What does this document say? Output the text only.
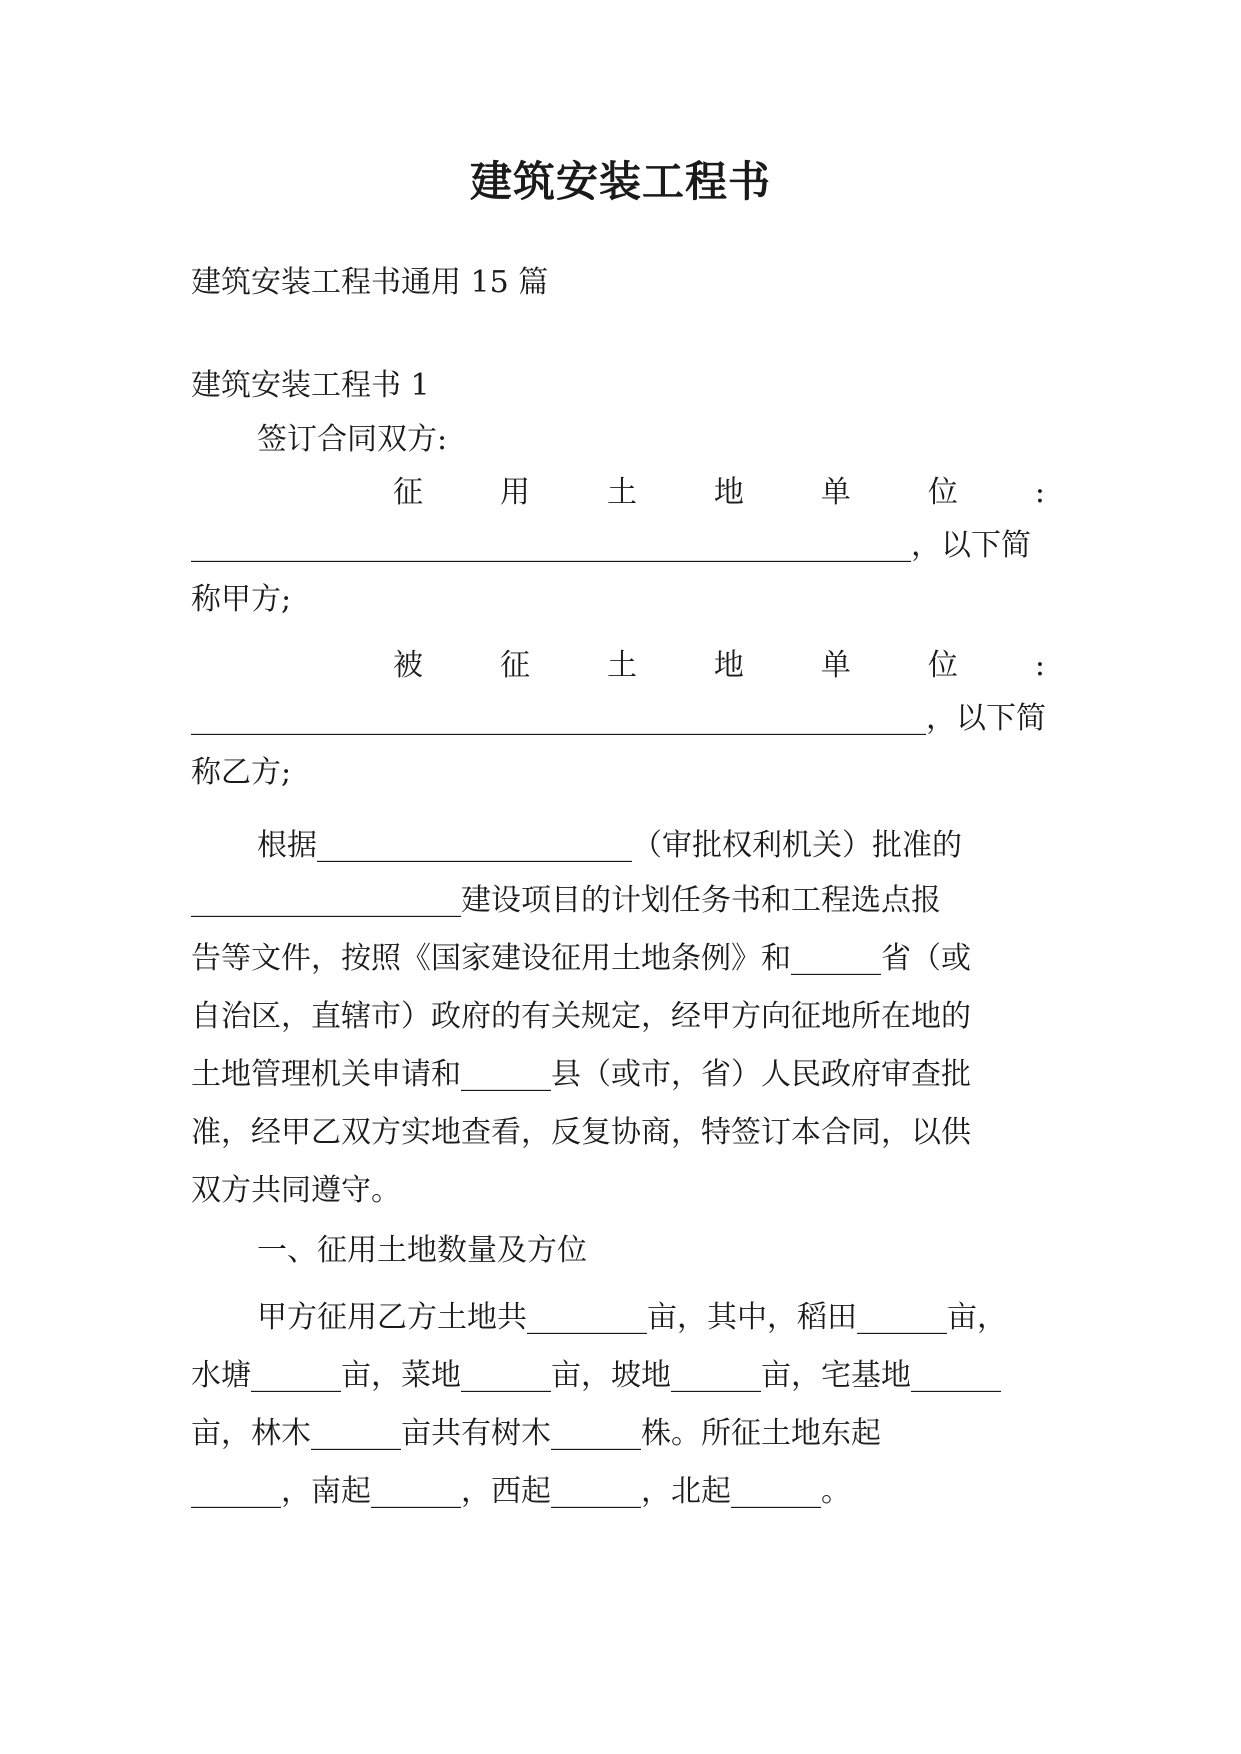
建筑安装工程书
建筑安装工程书通用 15 篇
建筑安装工程书 1
签订合同双方:
征	用	土	地	单	位	:
________________________________________________，以下简
称甲方;
被	征	土	地	单	位	:
_________________________________________________，以下简
称乙方;
根据_____________________（审批权利机关）批准的
__________________建设项目的计划任务书和工程选点报
告等文件，按照《国家建设征用土地条例》和______省（或
自治区，直辖市）政府的有关规定，经甲方向征地所在地的
土地管理机关申请和______县（或市，省）人民政府审查批
准，经甲乙双方实地查看，反复协商，特签订本合同，以供
双方共同遵守。
一、征用土地数量及方位
甲方征用乙方土地共________亩，其中，稻田______亩，
水塘______亩，菜地______亩，坡地______亩，宅基地______
亩，林木______亩共有树木______株。所征土地东起
______，南起______，西起______，北起______。
